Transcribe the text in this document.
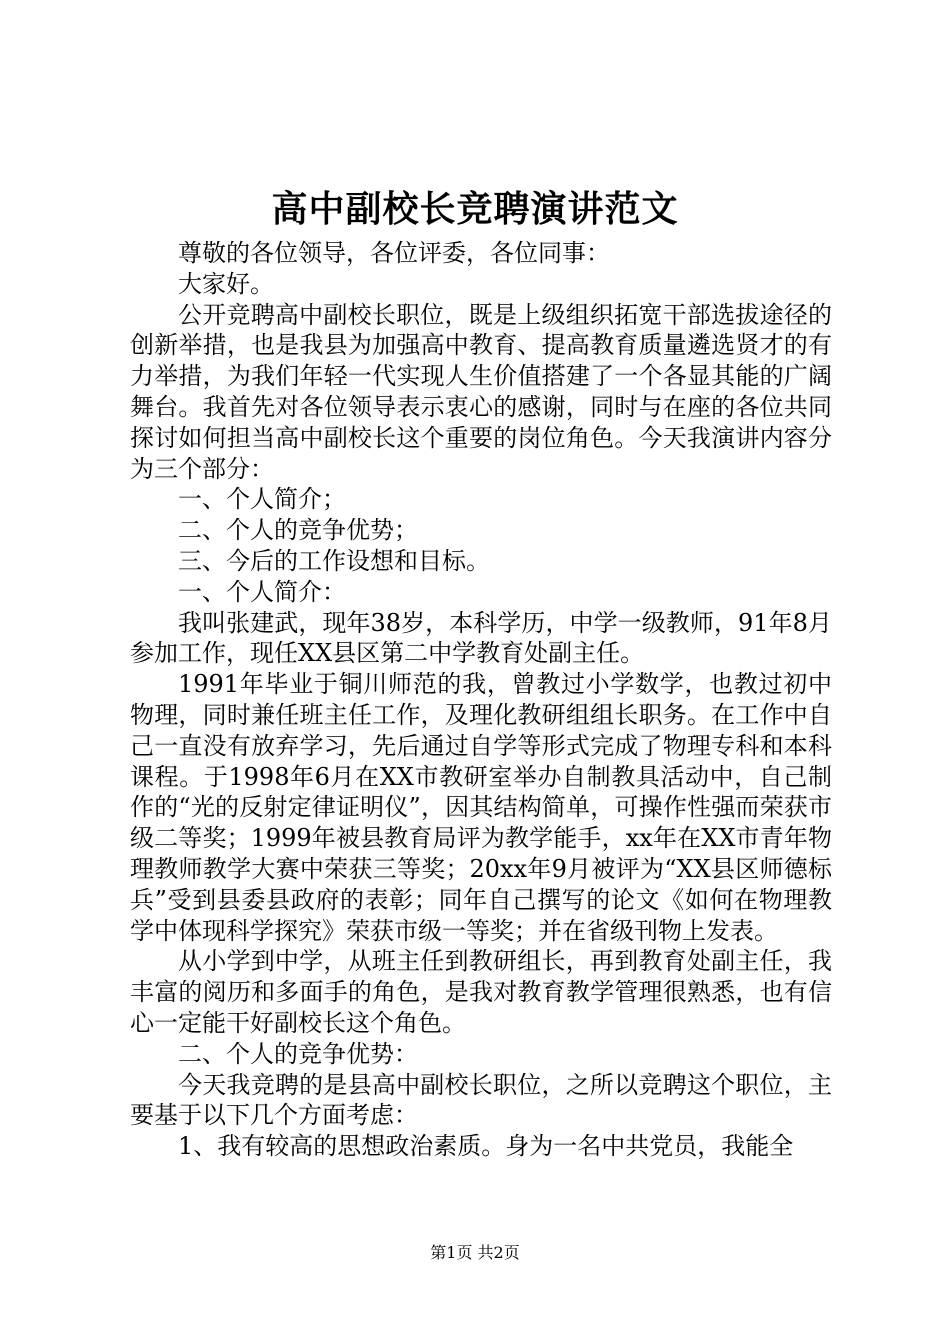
高中副校长竞聘演讲范文

尊敬的各位领导，各位评委，各位同事：

大家好。

公开竞聘高中副校长职位，既是上级组织拓宽干部选拔途径的创新举措，也是我县为加强高中教育、提高教育质量遴选贤才的有力举措，为我们年轻一代实现人生价值搭建了一个各显其能的广阔舞台。我首先对各位领导表示衷心的感谢，同时与在座的各位共同探讨如何担当高中副校长这个重要的岗位角色。今天我演讲内容分为三个部分：

一、个人简介；

二、个人的竞争优势；

三、今后的工作设想和目标。

一、个人简介：

我叫张建武，现年38岁，本科学历，中学一级教师，91年8月参加工作，现任XX县区第二中学教育处副主任。

1991年毕业于铜川师范的我，曾教过小学数学，也教过初中物理，同时兼任班主任工作，及理化教研组组长职务。在工作中自己一直没有放弃学习，先后通过自学等形式完成了物理专科和本科课程。于1998年6月在XX市教研室举办自制教具活动中，自己制作的“光的反射定律证明仪”，因其结构简单，可操作性强而荣获市级二等奖；1999年被县教育局评为教学能手，xx年在XX市青年物理教师教学大赛中荣获三等奖；20xx年9月被评为“XX县区师德标兵”受到县委县政府的表彰；同年自己撰写的论文《如何在物理教学中体现科学探究》荣获市级一等奖；并在省级刊物上发表。

从小学到中学，从班主任到教研组长，再到教育处副主任，我丰富的阅历和多面手的角色，是我对教育教学管理很熟悉，也有信心一定能干好副校长这个角色。

二、个人的竞争优势：

今天我竞聘的是县高中副校长职位，之所以竞聘这个职位，主要基于以下几个方面考虑：

1、我有较高的思想政治素质。身为一名中共党员，我能全

第1页 共2页
